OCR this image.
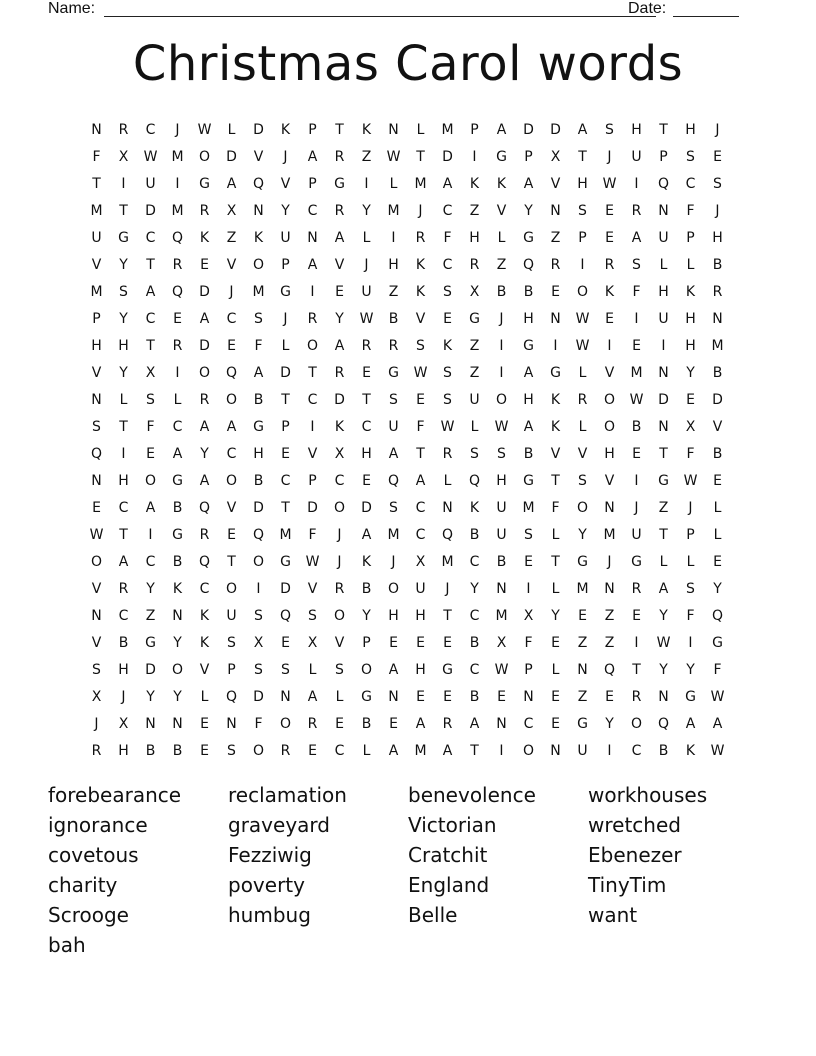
Name:	Date:
Christmas Carol words
N	R	C	J	W	L	D	K	P	T	K	N	L	M	P	A	D	D	A	S	H	T	H	J
F	X	W	M	O	D	V	J	A	R	Z	W	T	D	I	G	P	X	T	J	U	P	S	E
T	I	U	I	G	A	Q	V	P	G	I	L	M	A	K	K	A	V	H	W	I	Q	C	S
M	T	D	M	R	X	N	Y	C	R	Y	M	J	C	Z	V	Y	N	S	E	R	N	F	J
U	G	C	Q	K	Z	K	U	N	A	L	I	R	F	H	L	G	Z	P	E	A	U	P	H
V	Y	T	R	E	V	O	P	A	V	J	H	K	C	R	Z	Q	R	I	R	S	L	L	B
M	S	A	Q	D	J	M	G	I	E	U	Z	K	S	X	B	B	E	O	K	F	H	K	R
P	Y	C	E	A	C	S	J	R	Y	W	B	V	E	G	J	H	N	W	E	I	U	H	N
H	H	T	R	D	E	F	L	O	A	R	R	S	K	Z	I	G	I	W	I	E	I	H	M
V	Y	X	I	O	Q	A	D	T	R	E	G	W	S	Z	I	A	G	L	V	M	N	Y	B
N	L	S	L	R	O	B	T	C	D	T	S	E	S	U	O	H	K	R	O	W	D	E	D
S	T	F	C	A	A	G	P	I	K	C	U	F	W	L	W	A	K	L	O	B	N	X	V
Q	I	E	A	Y	C	H	E	V	X	H	A	T	R	S	S	B	V	V	H	E	T	F	B
N	H	O	G	A	O	B	C	P	C	E	Q	A	L	Q	H	G	T	S	V	I	G	W	E
E	C	A	B	Q	V	D	T	D	O	D	S	C	N	K	U	M	F	O	N	J	Z	J	L
W	T	I	G	R	E	Q	M	F	J	A	M	C	Q	B	U	S	L	Y	M	U	T	P	L
O	A	C	B	Q	T	O	G	W	J	K	J	X	M	C	B	E	T	G	J	G	L	L	E
V	R	Y	K	C	O	I	D	V	R	B	O	U	J	Y	N	I	L	M	N	R	A	S	Y
N	C	Z	N	K	U	S	Q	S	O	Y	H	H	T	C	M	X	Y	E	Z	E	Y	F	Q
V	B	G	Y	K	S	X	E	X	V	P	E	E	E	B	X	F	E	Z	Z	I	W	I	G
S	H	D	O	V	P	S	S	L	S	O	A	H	G	C	W	P	L	N	Q	T	Y	Y	F
X	J	Y	Y	L	Q	D	N	A	L	G	N	E	E	B	E	N	E	Z	E	R	N	G	W
J	X	N	N	E	N	F	O	R	E	B	E	A	R	A	N	C	E	G	Y	O	Q	A	A
R	H	B	B	E	S	O	R	E	C	L	A	M	A	T	I	O	N	U	I	C	B	K	W
forebearance	reclamation	benevolence	workhouses
ignorance	graveyard	Victorian	wretched
covetous	Fezziwig	Cratchit	Ebenezer
charity	poverty	England	TinyTim
Scrooge	humbug	Belle	want
bah
